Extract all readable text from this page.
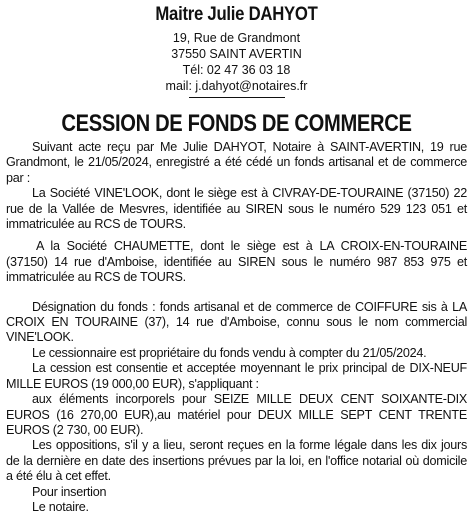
Maitre Julie DAHYOT
19, Rue de Grandmont
37550 SAINT AVERTIN
Tél: 02 47 36 03 18
mail: j.dahyot@notaires.fr
CESSION DE FONDS DE COMMERCE

Suivant acte reçu par Me Julie DAHYOT, Notaire à SAINT-AVERTIN, 19 rue Grandmont, le 21/05/2024, enregistré a été cédé un fonds artisanal et de commerce par :

La Société VINE'LOOK, dont le siège est à CIVRAY-DE-TOURAINE (37150) 22 rue de la Vallée de Mesvres, identifiée au SIREN sous le numéro 529 123 051 et immatriculée au RCS de TOURS.

A la Société CHAUMETTE, dont le siège est à LA CROIX-EN-TOURAINE (37150) 14 rue d'Amboise, identifiée au SIREN sous le numéro 987 853 975 et immatriculée au RCS de TOURS.

Désignation du fonds : fonds artisanal et de commerce de COIFFURE sis à LA CROIX EN TOURAINE (37), 14 rue d'Amboise, connu sous le nom commercial VINE'LOOK.

Le cessionnaire est propriétaire du fonds vendu à compter du 21/05/2024.

La cession est consentie et acceptée moyennant le prix principal de DIX-NEUF MILLE EUROS (19 000,00 EUR), s'appliquant :

aux éléments incorporels pour SEIZE MILLE DEUX CENT SOIXANTE-DIX EUROS (16 270,00 EUR),au matériel pour DEUX MILLE SEPT CENT TRENTE EUROS (2 730, 00 EUR).

Les oppositions, s'il y a lieu, seront reçues en la forme légale dans les dix jours de la dernière en date des insertions prévues par la loi, en l'office notarial où domicile a été élu à cet effet.

Pour insertion

Le notaire.
